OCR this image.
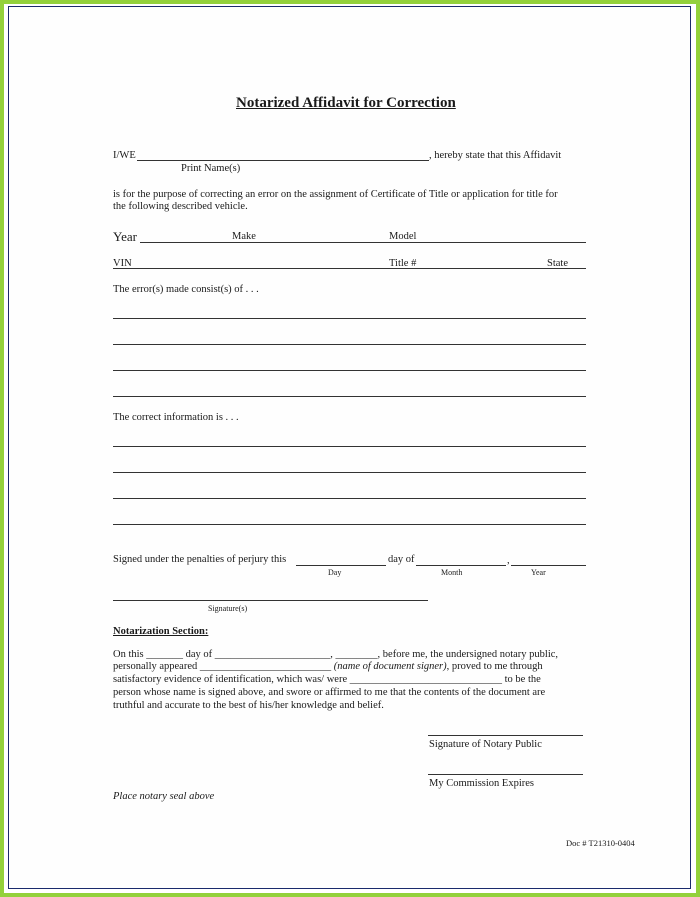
Notarized Affidavit for Correction
I/WE	, hereby state that this Affidavit
Print Name(s)
is for the purpose of correcting an error on the assignment of Certificate of Title or application for title for
the following described vehicle.
Year	Make	Model
VIN	Title #	State
The error(s) made consist(s) of . . .
The correct information is . . .
Signed under the penalties of perjury this	day of	,
Day	Month	Year
Signature(s)
Notarization Section:
On this _______ day of ______________________, ________, before me, the undersigned notary public,
personally appeared _________________________ (name of document signer), proved to me through
satisfactory evidence of identification, which was/ were _____________________________ to be the
person whose name is signed above, and swore or affirmed to me that the contents of the document are
truthful and accurate to the best of his/her knowledge and belief.
Signature of Notary Public
My Commission Expires
Place notary seal above
Doc # T21310-0404
